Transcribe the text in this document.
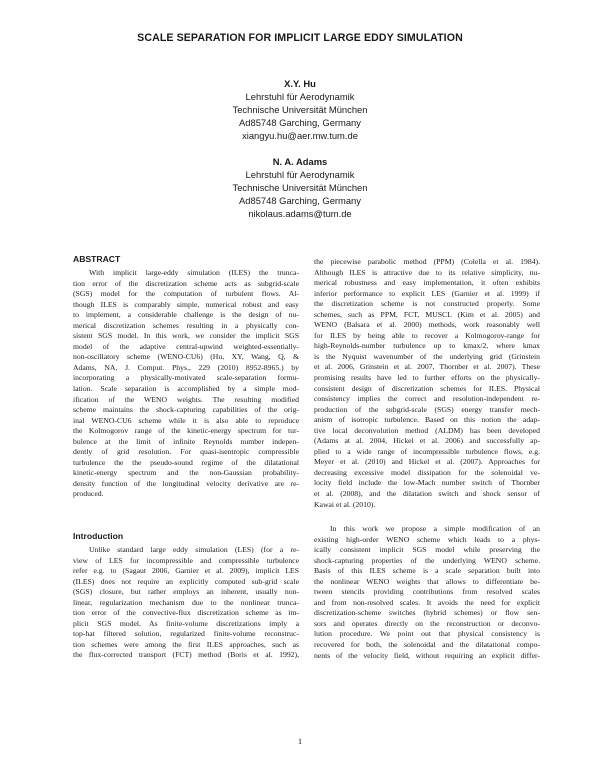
SCALE SEPARATION FOR IMPLICIT LARGE EDDY SIMULATION
X.Y. Hu
Lehrstuhl für Aerodynamik
Technische Universität München
Ad85748 Garching, Germany
xiangyu.hu@aer.mw.tum.de
N. A. Adams
Lehrstuhl für Aerodynamik
Technische Universität München
Ad85748 Garching, Germany
nikolaus.adams@tum.de
ABSTRACT
With implicit large-eddy simulation (ILES) the trunca-
tion error of the discretization scheme acts as subgrid-scale
(SGS) model for the computation of turbulent flows. Al-
though ILES is comparably simple, numerical robust and easy
to implement, a considerable challenge is the design of nu-
merical discretization schemes resulting in a physically con-
sistent SGS model. In this work, we consider the implicit SGS
model of the adaptive central-upwind weighted-essentially-
non-oscillatory scheme (WENO-CU6) (Hu, XY, Wang, Q, &
Adams, NA, J. Comput. Phys., 229 (2010) 8952-8965.) by
incorporating a physically-motivated scale-separation formu-
lation. Scale separation is accomplished by a simple mod-
ification of the WENO weights. The resulting modified
scheme maintains the shock-capturing capabilities of the orig-
inal WENO-CU6 scheme while it is also able to reproduce
the Kolmogorov range of the kinetic-energy spectrum for tur-
bulence at the limit of infinite Reynolds number indepen-
dently of grid resolution. For quasi-isentropic compressible
turbulence the the pseudo-sound regime of the dilatational
kinetic-energy spectrum and the non-Gaussian probability-
density function of the longitudinal velocity derivative are re-
produced.
Introduction
Unlike standard large eddy simulation (LES) (for a re-
view of LES for incompressible and compressible turbulence
refer e.g. to (Sagaut 2006, Garnier et al. 2009), implicit LES
(ILES) does not require an explicitly computed sub-grid scale
(SGS) closure, but rather employs an inherent, usually non-
linear, regularization mechanism due to the nonlinear trunca-
tion error of the convective-flux discretization scheme as im-
plicit SGS model. As finite-volume discretizations imply a
top-hat filtered solution, regularized finite-volume reconstruc-
tion schemes were among the first ILES approaches, such as
the flux-corrected transport (FCT) method (Boris et al. 1992),
the piecewise parabolic method (PPM) (Colella et al. 1984).
Although ILES is attractive due to its relative simplicity, nu-
merical robustness and easy implementation, it often exhibits
inferior performance to explicit LES (Garnier et al. 1999) if
the discretization scheme is not constructed properly. Some
schemes, such as PPM, FCT, MUSCL (Kim et al. 2005) and
WENO (Balsara et al. 2000) methods, work reasonably well
for ILES by being able to recover a Kolmogorov-range for
high-Reynolds-number turbulence up to kmax/2, where kmax
is the Nyquist wavenumber of the underlying grid (Grinstein
et al. 2006, Grinstein et al. 2007, Thornber et al. 2007). These
promising results have led to further efforts on the physically-
consistent design of discretization schemes for ILES. Physical
consistency implies the correct and resolution-independent re-
production of the subgrid-scale (SGS) energy transfer mech-
anism of isotropic turbulence. Based on this notion the adap-
tive local deconvolution method (ALDM) has been developed
(Adams at al. 2004, Hickel et al. 2006) and successfully ap-
plied to a wide range of incompressible turbulence flows, e.g.
Meyer et al. (2010) and Hickel et al. (2007). Approaches for
decreasing excessive model dissipation for the solenoidal ve-
locity field include the low-Mach number switch of Thornber
et al. (2008), and the dilatation switch and shock sensor of
Kawai et al. (2010).
In this work we propose a simple modification of an
existing high-order WENO scheme which leads to a phys-
ically consistent implicit SGS model while preserving the
shock-capturing properties of the underlying WENO scheme.
Basis of this ILES scheme is a scale separation built into
the nonlinear WENO weights that allows to differentiate be-
tween stencils providing contributions from resolved scales
and from non-resolved scales. It avoids the need for explicit
discretization-scheme switches (hybrid schemes) or flow sen-
sors and operates directly on the reconstruction or deconvo-
lution procedure. We point out that physical consistency is
recovered for both, the solenoidal and the dilatational compo-
nents of the velocity field, without requiring an explicit differ-
1
